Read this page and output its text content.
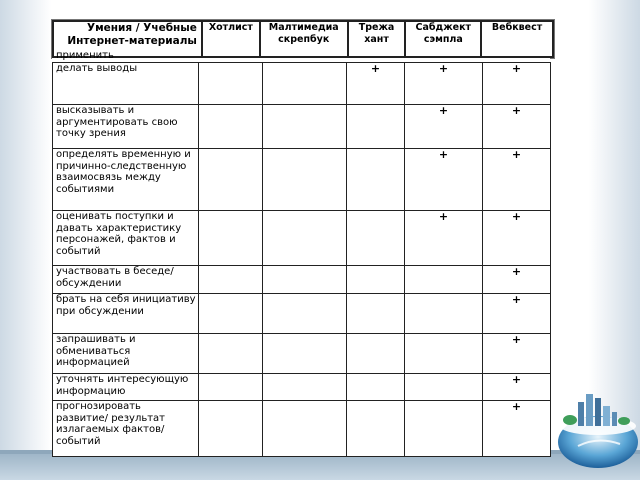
Умения / Учебные Интернет-материалы	Хотлист	Малтимедиа скрепбук	Трежа хант	Сабджект сэмпла	Вебквест
применить
делать выводы			+	+	+
высказывать и аргументировать свою точку зрения				+	+
определять временную и причинно-следственную взаимосвязь между событиями				+	+
оценивать поступки и давать характеристику персонажей, фактов и событий				+	+
участвовать в беседе/ обсуждении					+
брать на себя инициативу при обсуждении					+
запрашивать и обмениваться информацией					+
уточнять интересующую информацию					+
прогнозировать развитие/ результат излагаемых фактов/ событий					+
